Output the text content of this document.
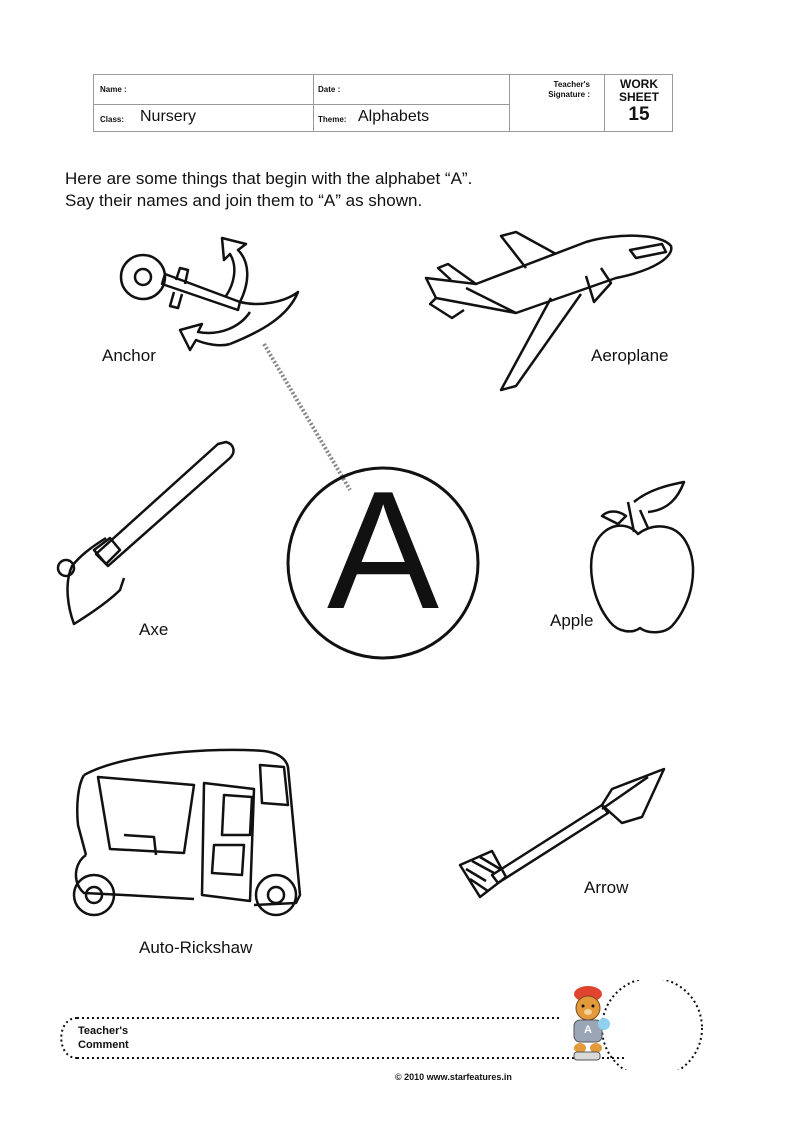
Name :	Date :
Class: Nursery	Theme: Alphabets
Teacher's
Signature :
WORK
SHEET
15
Here are some things that begin with the alphabet “A”.
Say their names and join them to “A” as shown.
Anchor	Aeroplane
Axe A	Apple
Auto-Rickshaw
Arrow
Teacher's
Comment
A
© 2010 www.starfeatures.in
